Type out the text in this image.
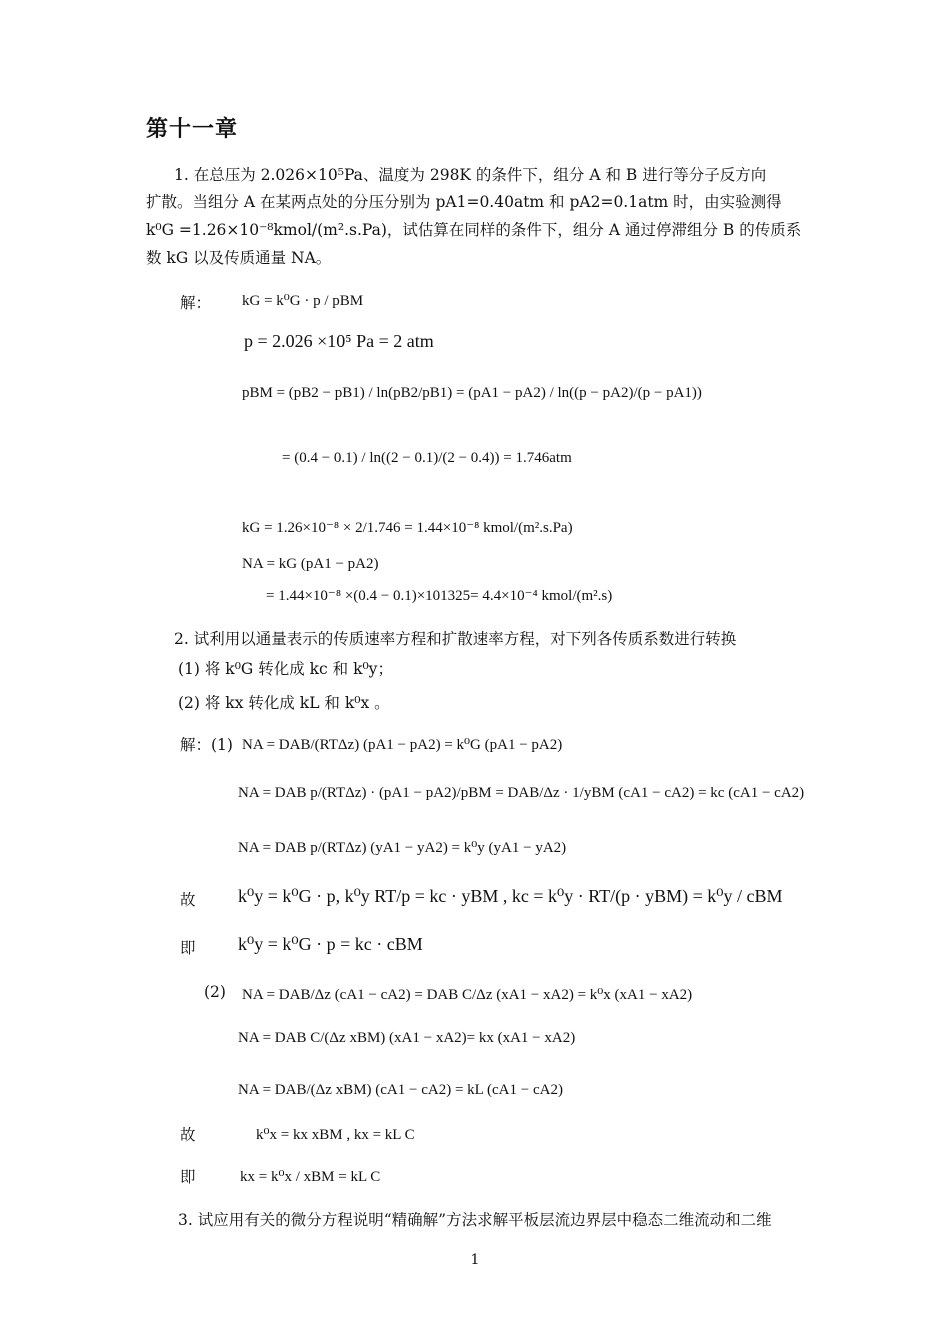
第十一章
1. 在总压为 2.026×10⁵Pa、温度为 298K 的条件下，组分 A 和 B 进行等分子反方向
扩散。当组分 A 在某两点处的分压分别为 pA1=0.40atm 和 pA2=0.1atm 时，由实验测得
k⁰G =1.26×10⁻⁸kmol/(m².s.Pa)，试估算在同样的条件下，组分 A 通过停滞组分 B 的传质系
数 kG 以及传质通量 NA。
解： kG = k⁰G · p / pBM
p = 2.026 ×10⁵ Pa = 2 atm
pBM = (pB2 − pB1) / ln(pB2/pB1) = (pA1 − pA2) / ln((p − pA2)/(p − pA1))
= (0.4 − 0.1) / ln((2 − 0.1)/(2 − 0.4)) = 1.746atm
kG = 1.26×10⁻⁸ × 2/1.746 = 1.44×10⁻⁸ kmol/(m².s.Pa)
NA = kG (pA1 − pA2)
= 1.44×10⁻⁸ ×(0.4 − 0.1)×101325= 4.4×10⁻⁴ kmol/(m².s)
2. 试利用以通量表示的传质速率方程和扩散速率方程，对下列各传质系数进行转换
(1) 将 k⁰G 转化成 kc 和 k⁰y；
(2) 将 kx 转化成 kL 和 k⁰x 。
解：(1) NA = DAB/(RTΔz) (pA1 − pA2) = k⁰G (pA1 − pA2)
NA = DAB p/(RTΔz) · (pA1 − pA2)/pBM = DAB/Δz · 1/yBM (cA1 − cA2) = kc (cA1 − cA2)
NA = DAB p/(RTΔz) (yA1 − yA2) = k⁰y (yA1 − yA2)
故 k⁰y = k⁰G · p, k⁰y RT/p = kc · yBM , kc = k⁰y · RT/(p · yBM) = k⁰y / cBM
即 k⁰y = k⁰G · p = kc · cBM
(2) NA = DAB/Δz (cA1 − cA2) = DAB C/Δz (xA1 − xA2) = k⁰x (xA1 − xA2)
NA = DAB C/(Δz xBM) (xA1 − xA2)= kx (xA1 − xA2)
NA = DAB/(Δz xBM) (cA1 − cA2) = kL (cA1 − cA2)
故	k⁰x = kx xBM , kx = kL C
即	kx = k⁰x / xBM = kL C
3. 试应用有关的微分方程说明“精确解”方法求解平板层流边界层中稳态二维流动和二维
1
